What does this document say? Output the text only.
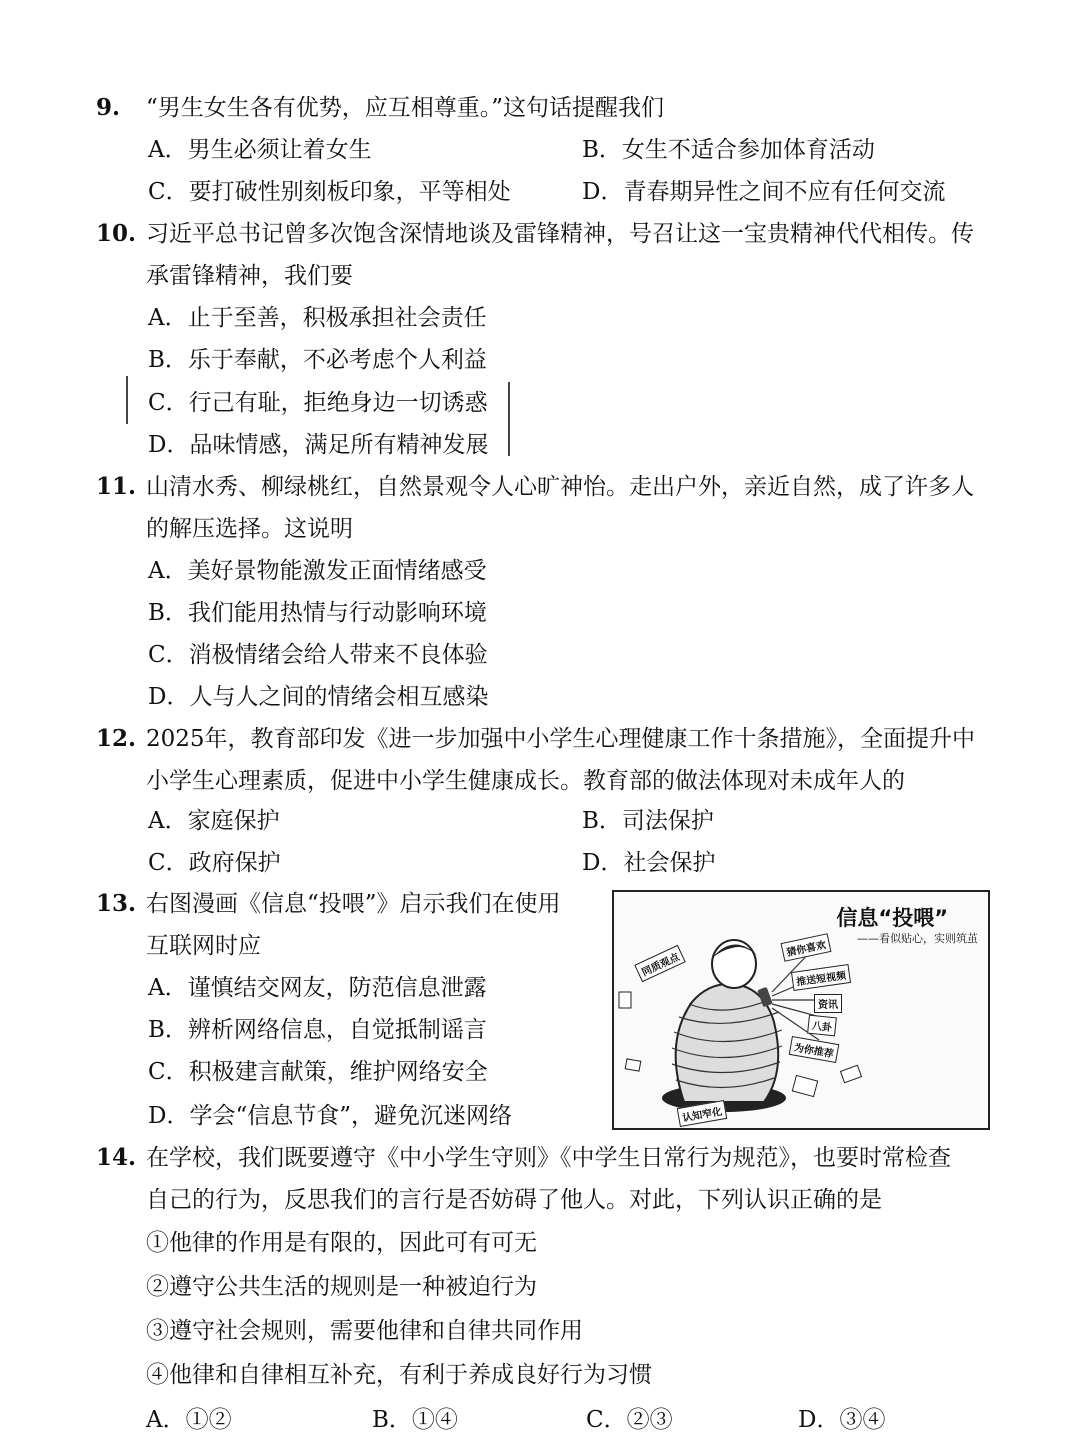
9. “男生女生各有优势，应互相尊重。”这句话提醒我们
A．男生必须让着女生	B．女生不适合参加体育活动
C．要打破性别刻板印象，平等相处	D．青春期异性之间不应有任何交流
10. 习近平总书记曾多次饱含深情地谈及雷锋精神，号召让这一宝贵精神代代相传。传
承雷锋精神，我们要
A．止于至善，积极承担社会责任
B．乐于奉献，不必考虑个人利益
C．行己有耻，拒绝身边一切诱惑
D．品味情感，满足所有精神发展
11. 山清水秀、柳绿桃红，自然景观令人心旷神怡。走出户外，亲近自然，成了许多人
的解压选择。这说明
A．美好景物能激发正面情绪感受
B．我们能用热情与行动影响环境
C．消极情绪会给人带来不良体验
D．人与人之间的情绪会相互感染
12. 2025年，教育部印发《进一步加强中小学生心理健康工作十条措施》，全面提升中
小学生心理素质，促进中小学生健康成长。教育部的做法体现对未成年人的
A．家庭保护	B．司法保护
C．政府保护	D．社会保护
13. 右图漫画《信息“投喂”》启示我们在使用
互联网时应
A．谨慎结交网友，防范信息泄露
B．辨析网络信息，自觉抵制谣言
C．积极建言献策，维护网络安全
D．学会“信息节食”，避免沉迷网络
信息“投喂”
——看似贴心，实则筑茧
猜你喜欢
推送短视频
资讯
八卦
为你推荐
同质观点
认知窄化
14. 在学校，我们既要遵守《中小学生守则》《中学生日常行为规范》，也要时常检查
自己的行为，反思我们的言行是否妨碍了他人。对此，下列认识正确的是
①他律的作用是有限的，因此可有可无
②遵守公共生活的规则是一种被迫行为
③遵守社会规则，需要他律和自律共同作用
④他律和自律相互补充，有利于养成良好行为习惯
A．①②	B．①④	C．②③	D．③④
